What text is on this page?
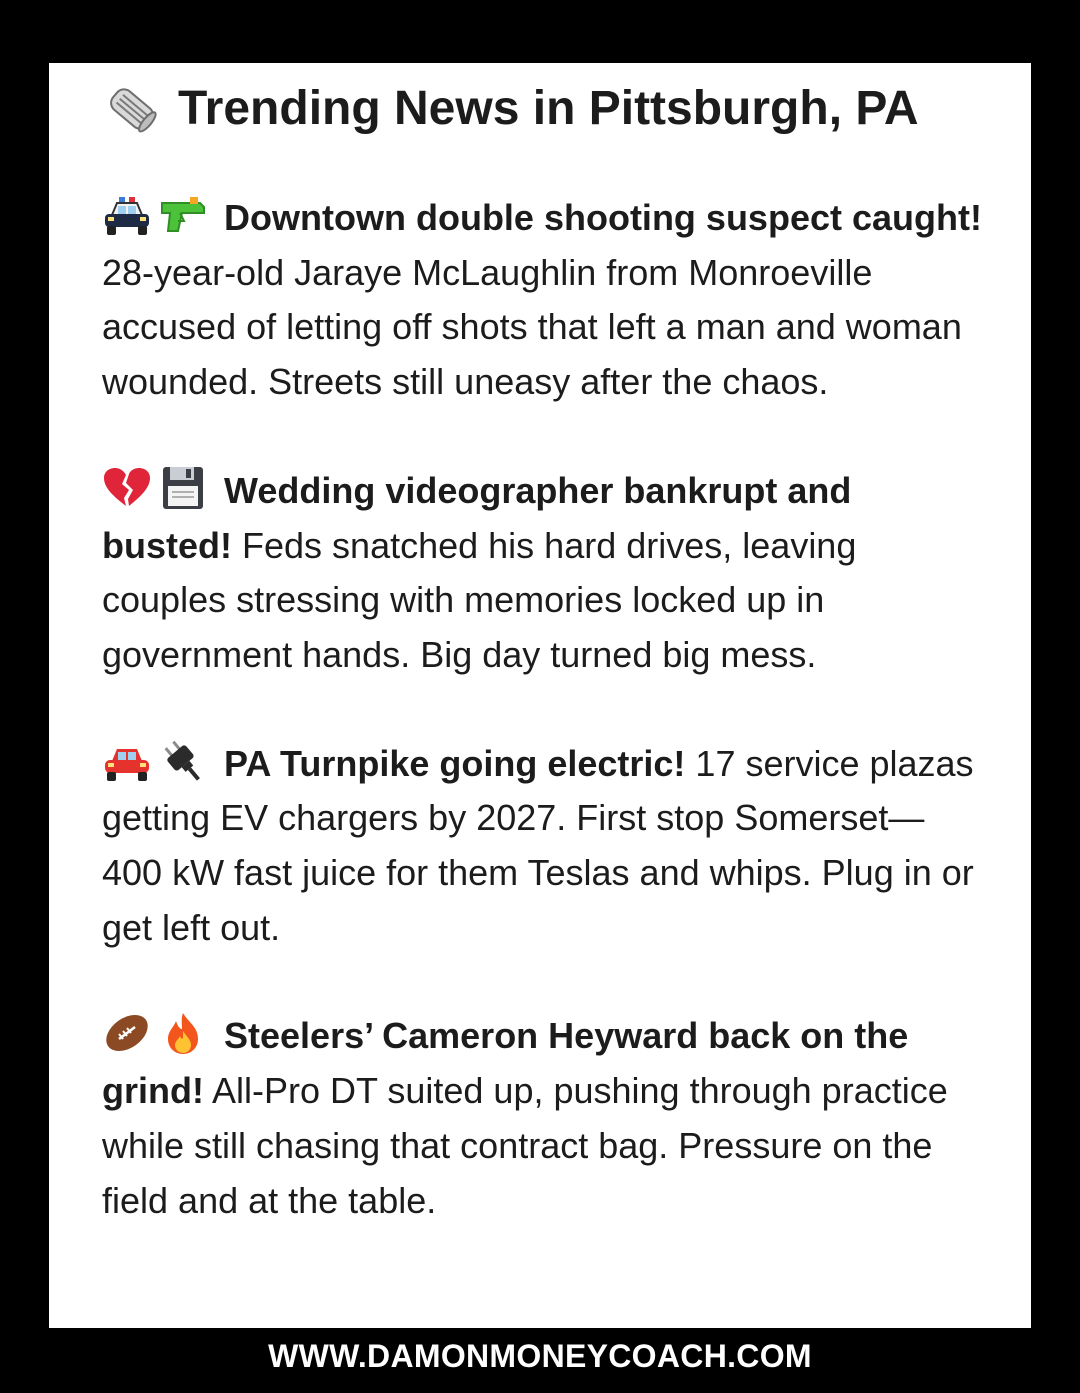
Trending News in Pittsburgh, PA

Downtown double shooting suspect caught! 28-year-old Jaraye McLaughlin from Monroeville accused of letting off shots that left a man and woman wounded. Streets still uneasy after the chaos.

Wedding videographer bankrupt and busted! Feds snatched his hard drives, leaving couples stressing with memories locked up in government hands. Big day turned big mess.

PA Turnpike going electric! 17 service plazas getting EV chargers by 2027. First stop Somerset—400 kW fast juice for them Teslas and whips. Plug in or get left out.

Steelers’ Cameron Heyward back on the grind! All-Pro DT suited up, pushing through practice while still chasing that contract bag. Pressure on the field and at the table.

WWW.DAMONMONEYCOACH.COM
